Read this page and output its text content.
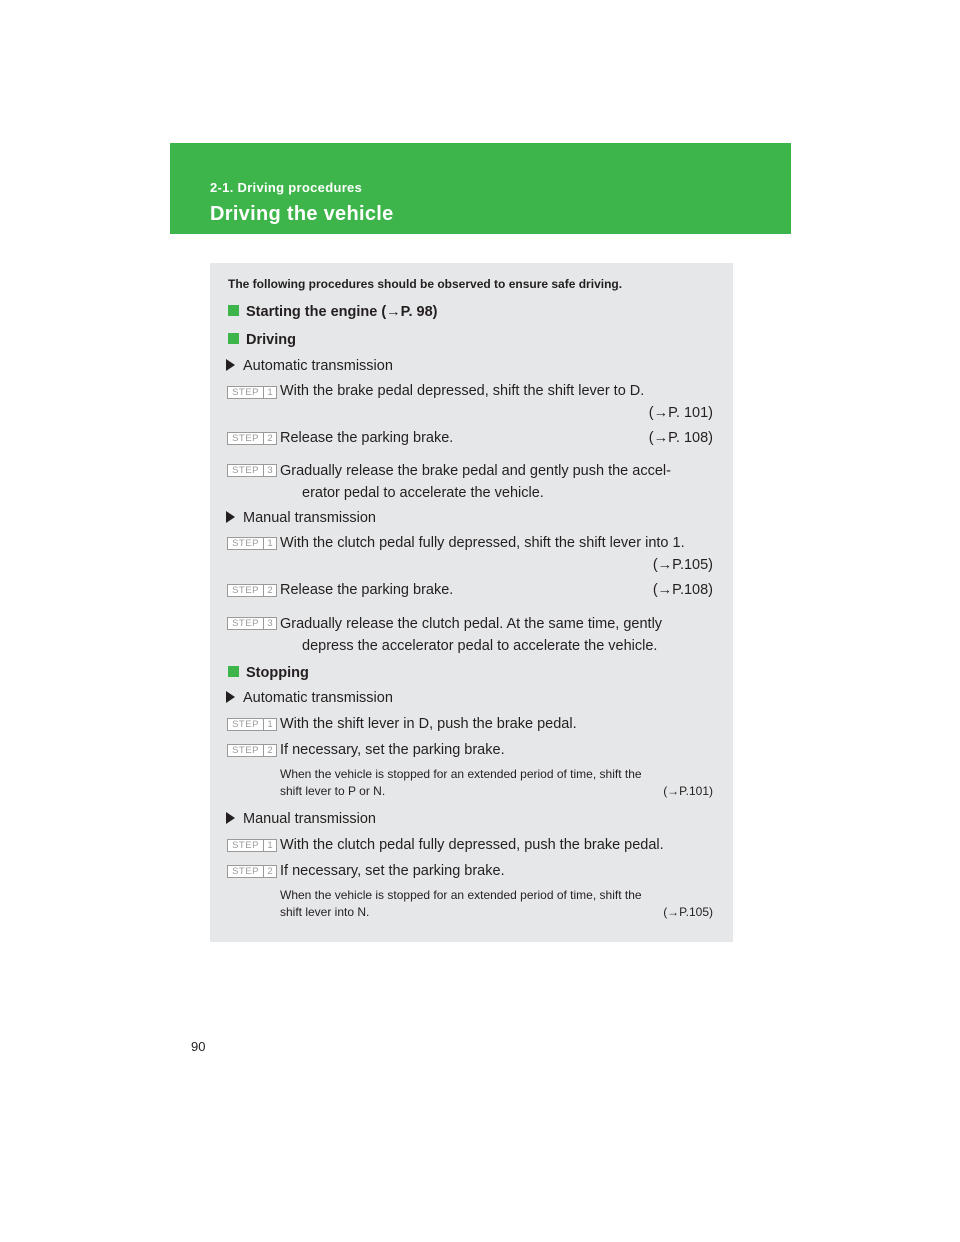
2-1. Driving procedures
Driving the vehicle
The following procedures should be observed to ensure safe driving.
Starting the engine (→P. 98)
Driving
Automatic transmission
STEP 1 With the brake pedal depressed, shift the shift lever to D.
(→P. 101)
STEP 2	(→P. 108)
Release the parking brake.
STEP 3 Gradually release the brake pedal and gently push the accel-
erator pedal to accelerate the vehicle.
Manual transmission
STEP 1 With the clutch pedal fully depressed, shift the shift lever into 1.
(→P.105)
STEP 2	(→P.108)
Release the parking brake.
STEP 3 Gradually release the clutch pedal. At the same time, gently
depress the accelerator pedal to accelerate the vehicle.
Stopping
Automatic transmission
STEP 1 With the shift lever in D, push the brake pedal.
STEP 2 If necessary, set the parking brake.
When the vehicle is stopped for an extended period of time, shift the
(→P.101)
shift lever to P or N.
Manual transmission
STEP 1 With the clutch pedal fully depressed, push the brake pedal.
STEP 2 If necessary, set the parking brake.
When the vehicle is stopped for an extended period of time, shift the
(→P.105)
shift lever into N.
90
